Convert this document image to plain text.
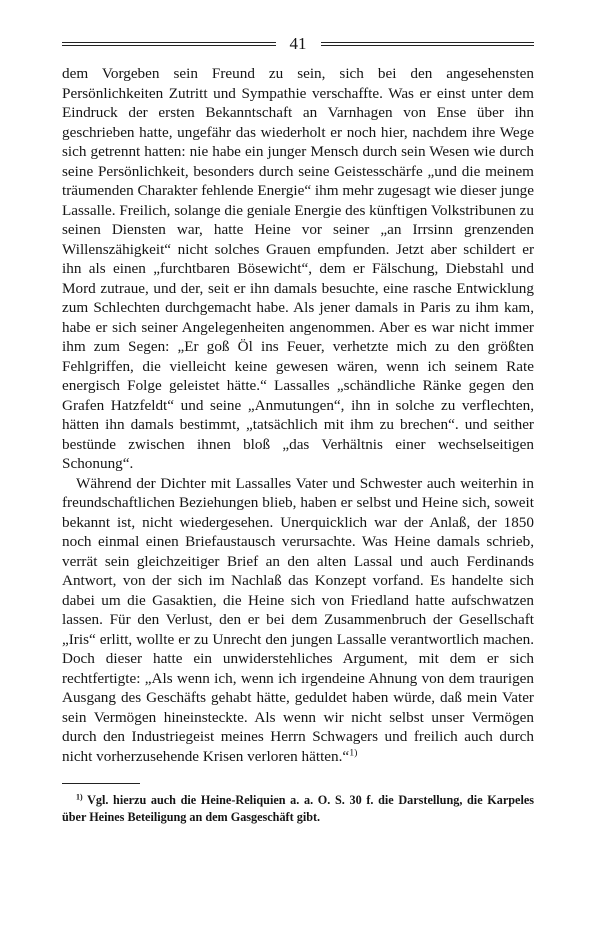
41

dem Vorgeben sein Freund zu sein, sich bei den angesehensten Persönlichkeiten Zutritt und Sympathie verschaffte. Was er einst unter dem Eindruck der ersten Bekanntschaft an Varnhagen von Ense über ihn geschrieben hatte, ungefähr das wiederholt er noch hier, nachdem ihre Wege sich getrennt hatten: nie habe ein junger Mensch durch sein Wesen wie durch seine Persönlichkeit, besonders durch seine Geistesschärfe „und die meinem träumenden Charakter fehlende Energie“ ihm mehr zugesagt wie dieser junge Lassalle. Freilich, solange die geniale Energie des künftigen Volkstribunen zu seinen Diensten war, hatte Heine vor seiner „an Irrsinn grenzenden Willenszähigkeit“ nicht solches Grauen empfunden. Jetzt aber schildert er ihn als einen „furchtbaren Bösewicht“, dem er Fälschung, Diebstahl und Mord zutraue, und der, seit er ihn damals besuchte, eine rasche Entwicklung zum Schlechten durchgemacht habe. Als jener damals in Paris zu ihm kam, habe er sich seiner Angelegenheiten angenommen. Aber es war nicht immer ihm zum Segen: „Er goß Öl ins Feuer, verhetzte mich zu den größten Fehlgriffen, die vielleicht keine gewesen wären, wenn ich seinem Rate energisch Folge geleistet hätte.“ Lassalles „schändliche Ränke gegen den Grafen Hatzfeldt“ und seine „Anmutungen“, ihn in solche zu verflechten, hätten ihn damals bestimmt, „tatsächlich mit ihm zu brechen“. und seither bestünde zwischen ihnen bloß „das Verhältnis einer wechselseitigen Schonung“.

Während der Dichter mit Lassalles Vater und Schwester auch weiterhin in freundschaftlichen Beziehungen blieb, haben er selbst und Heine sich, soweit bekannt ist, nicht wiedergesehen. Unerquicklich war der Anlaß, der 1850 noch einmal einen Briefaustausch verursachte. Was Heine damals schrieb, verrät sein gleichzeitiger Brief an den alten Lassal und auch Ferdinands Antwort, von der sich im Nachlaß das Konzept vorfand. Es handelte sich dabei um die Gasaktien, die Heine sich von Friedland hatte aufschwatzen lassen. Für den Verlust, den er bei dem Zusammenbruch der Gesellschaft „Iris“ erlitt, wollte er zu Unrecht den jungen Lassalle verantwortlich machen. Doch dieser hatte ein unwiderstehliches Argument, mit dem er sich rechtfertigte: „Als wenn ich, wenn ich irgendeine Ahnung von dem traurigen Ausgang des Geschäfts gehabt hätte, geduldet haben würde, daß mein Vater sein Vermögen hineinsteckte. Als wenn wir nicht selbst unser Vermögen durch den Industriegeist meines Herrn Schwagers und freilich auch durch nicht vorherzusehende Krisen verloren hätten.“$^{1)}$

$^{1)}$ Vgl. hierzu auch die Heine-Reliquien a. a. O. S. 30 f. die Darstellung, die Karpeles über Heines Beteiligung an dem Gasgeschäft gibt.
